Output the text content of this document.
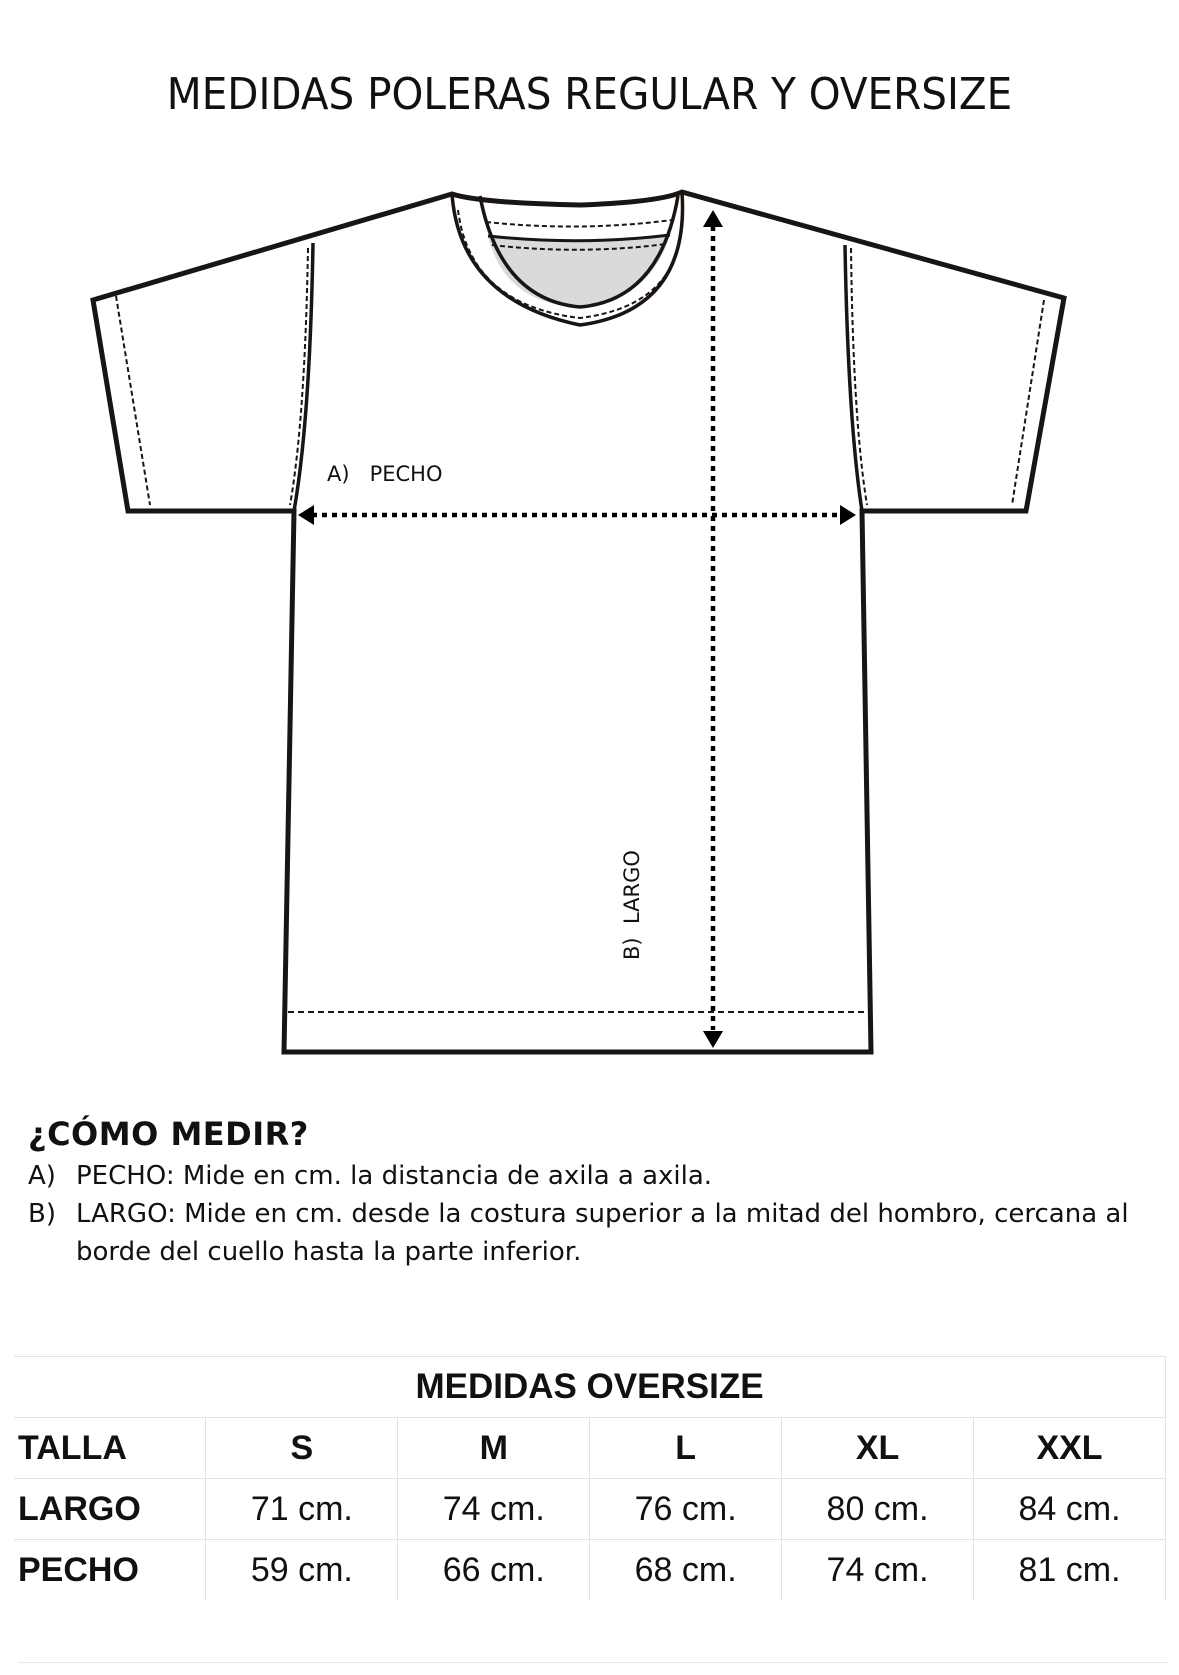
MEDIDAS POLERAS REGULAR Y OVERSIZE
A)   PECHO
B)  LARGO
¿CÓMO MEDIR?
A) PECHO: Mide en cm. la distancia de axila a axila.
B) LARGO: Mide en cm. desde la costura superior a la mitad del hombro, cercana al borde del cuello hasta la parte inferior.
MEDIDAS OVERSIZE					
TALLA	S	M	L	XL	XXL
LARGO	71 cm.	74 cm.	76 cm.	80 cm.	84 cm.
PECHO	59 cm.	66 cm.	68 cm.	74 cm.	81 cm.
